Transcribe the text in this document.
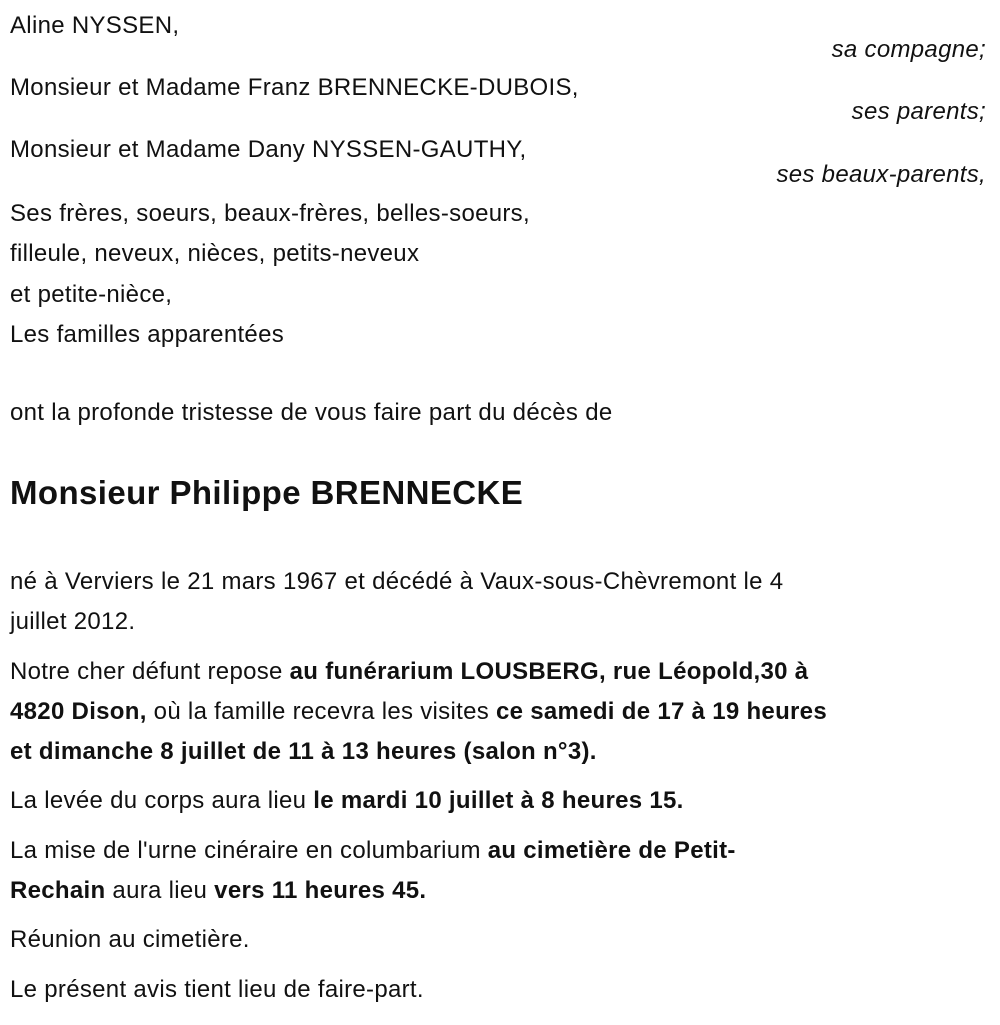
Aline NYSSEN,
sa compagne;
Monsieur et Madame Franz BRENNECKE-DUBOIS,
ses parents;
Monsieur et Madame Dany NYSSEN-GAUTHY,
ses beaux-parents,
Ses frères, soeurs, beaux-frères, belles-soeurs,
filleule, neveux, nièces, petits-neveux
et petite-nièce,
Les familles apparentées
ont la profonde tristesse de vous faire part du décès de
Monsieur Philippe BRENNECKE
né à Verviers le 21 mars 1967 et décédé à Vaux-sous-Chèvremont le 4
juillet 2012.
Notre cher défunt repose au funérarium LOUSBERG, rue Léopold,30 à
4820 Dison, où la famille recevra les visites ce samedi de 17 à 19 heures
et dimanche 8 juillet de 11 à 13 heures (salon n°3).
La levée du corps aura lieu le mardi 10 juillet à 8 heures 15.
La mise de l'urne cinéraire en columbarium au cimetière de Petit-
Rechain aura lieu vers 11 heures 45.
Réunion au cimetière.
Le présent avis tient lieu de faire-part.
